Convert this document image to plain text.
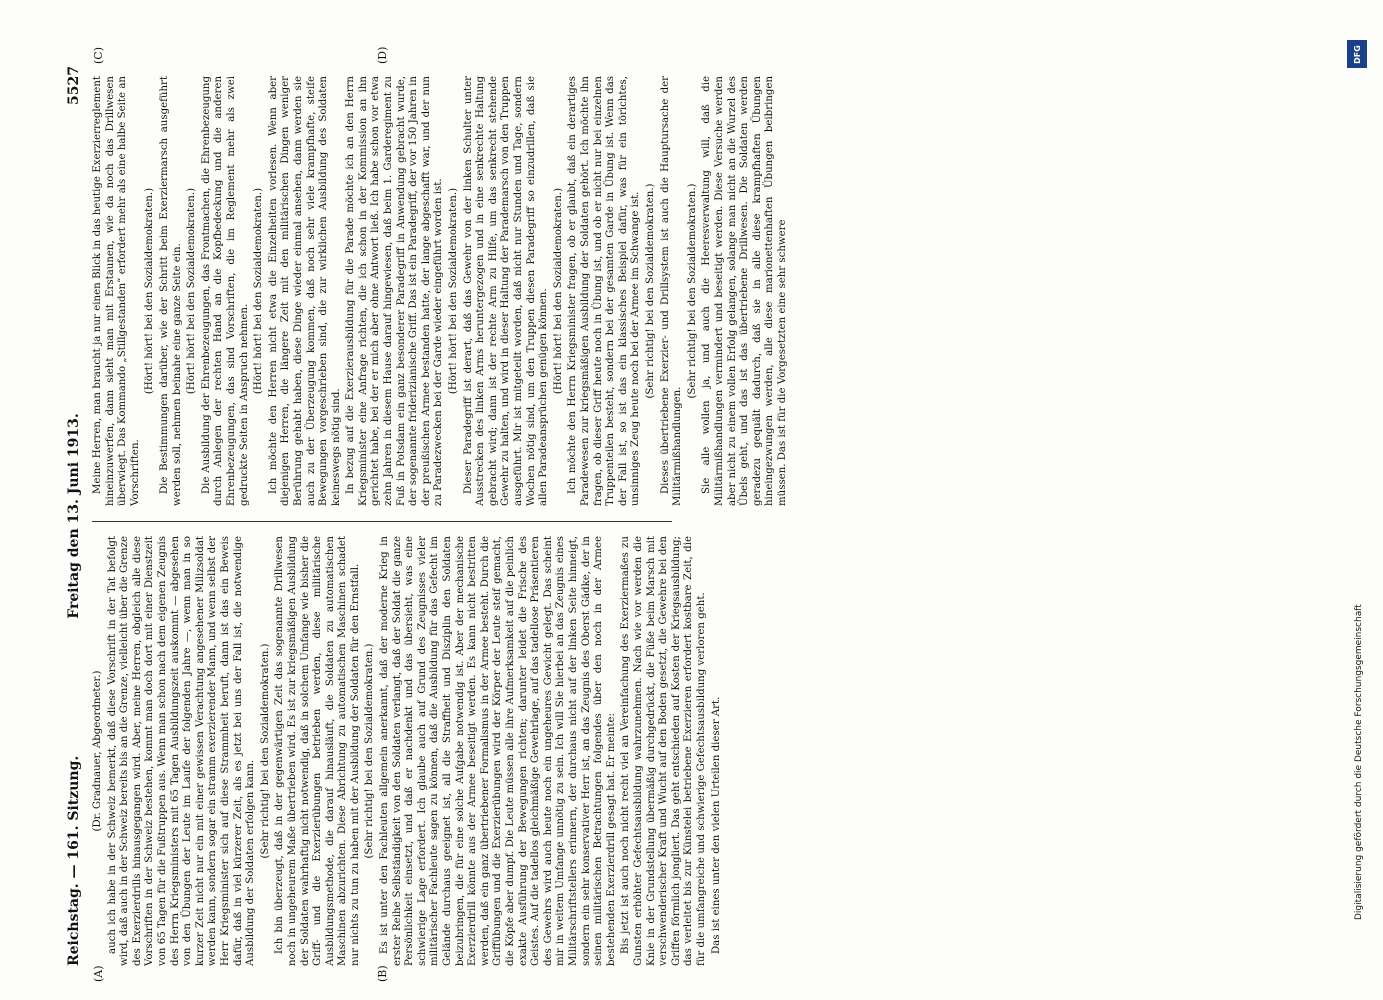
Reichstag. — 161. Sitzung.
Freitag den 13. Juni 1913.
5527

(Dr. Gradnauer, Abgeordneter.) auch ich habe in der Schweiz bemerkt, daß diese Vorschrift in der Tat befolgt wird, daß auch in der Schweiz bereits bis an die Grenze, vielleicht über die Grenze des Exerzierdrills hinausgegangen wird. Aber, meine Herren, obgleich alle diese Vorschriften in der Schweiz bestehen, kommt man doch dort mit einer Dienstzeit von 65 Tagen für die Fußtruppen aus. Wenn man schon nach dem eigenen Zeugnis des Herrn Kriegsministers mit 65 Tagen Ausbildungszeit auskommt — abgesehen von den Übungen der Leute im Laufe der folgenden Jahre —, wenn man in so kurzer Zeit nicht nur ein mit einer gewissen Verachtung angesehener Milizsoldat werden kann, sondern sogar ein stramm exerzierender Mann, und wenn selbst der Herr Kriegsminister sich auf diese Strammheit beruft, dann ist das ein Beweis dafür, daß in viel kürzerer Zeit, als es jetzt bei uns der Fall ist, die notwendige Ausbildung der Soldaten erfolgen kann.

(Sehr richtig! bei den Sozialdemokraten.) Ich bin überzeugt, daß in der gegenwärtigen Zeit das sogenannte Drillwesen noch in ungeheurem Maße übertrieben wird. Es ist zur kriegsmäßigen Ausbildung der Soldaten wahrhaftig nicht notwendig, daß in solchem Umfange wie bisher die Griff- und die Exerzierübungen betrieben werden, diese militärische Ausbildungsmethode, die darauf hinausläuft, die Soldaten zu automatischen Maschinen abzurichten. Diese Abrichtung zu automatischen Maschinen schadet nur nichts zu tun zu haben mit der Ausbildung der Soldaten für den Ernstfall. (Sehr richtig! bei den Sozialdemokraten.) Es ist unter den Fachleuten allgemein anerkannt, daß der moderne Krieg in erster Reihe Selbständigkeit von den Soldaten verlangt, daß der Soldat die ganze Persönlichkeit einsetzt, und daß er nachdenkt und das übersieht, was eine schwierige Lage erfordert. Ich glaube auch auf Grund des Zeugnisses vieler militärischer Fachleute sagen zu können, daß die Ausbildung für das Gefecht im Gelände durchaus geeignet ist, all die Straffheit und Disziplin den Soldaten beizubringen, die für eine solche Aufgabe notwendig ist. Aber der mechanische Exerzierdrill könnte aus der Armee beseitigt werden. Es kann nicht bestritten werden, daß ein ganz übertriebener Formalismus in der Armee besteht. Durch die Griffübungen und die Exerzierübungen wird der Körper der Leute steif gemacht, die Köpfe aber dumpf. Die Leute müssen alle ihre Aufmerksamkeit auf die peinlich exakte Ausführung der Bewegungen richten; darunter leidet die Frische des Geistes. Auf die tadellos gleichmäßige Gewehrlage, auf das tadellose Präsentieren des Gewehrs wird auch heute noch ein ungeheures Gewicht gelegt. Das scheint mir in weitem Umfange unnötig zu sein. Ich will Sie hierbei an das Zeugnis eines Militärschriftstellers erinnern, der durchaus nicht auf der linken Seite hinneigt, sondern ein sehr konservativer Herr ist, an das Zeugnis des Oberst Gädke, der in seinen militärischen Betrachtungen folgendes über den noch in der Armee bestehenden Exerzierdrill gesagt hat. Er meinte: Bis jetzt ist auch noch nicht recht viel an Vereinfachung des Exerziermaßes zu Gunsten erhöhter Gefechtsausbildung wahrzunehmen. Nach wie vor werden die Knie in der Grundstellung übermäßig durchgedrückt, die Füße beim Marsch mit verschwenderischer Kraft und Wucht auf den Boden gesetzt, die Gewehre bei den Griffen förmlich jongliert. Das geht entschieden auf Kosten der Kriegsausbildung; das verleitet bis zur Künstelei betriebene Exerzieren erfordert kostbare Zeit, die für die umfangreiche und schwierige Gefechtsausbildung verloren geht. Das ist eines unter den vielen Urteilen dieser Art.

Meine Herren, man braucht ja nur einen Blick in das heutige Exerzierreglement hineinzuwerfen, dann sieht man mit Erstaunen, wie da noch das Drillwesen überwiegt. Das Kommando „Stillgestanden“ erfordert mehr als eine halbe Seite an Vorschriften.

(Hört! hört! bei den Sozialdemokraten.) Die Bestimmungen darüber, wie der Schritt beim Exerziermarsch ausgeführt werden soll, nehmen beinahe eine ganze Seite ein. (Hört! hört! bei den Sozialdemokraten.) Die Ausbildung der Ehrenbezeugungen, das Frontmachen, die Ehrenbezeugung durch Anlegen der rechten Hand an die Kopfbedeckung und die anderen Ehrenbezeugungen, das sind Vorschriften, die im Reglement mehr als zwei gedruckte Seiten in Anspruch nehmen.

(Hört! hört! bei den Sozialdemokraten.) Ich möchte den Herren nicht etwa die Einzelheiten vorlesen. Wenn aber diejenigen Herren, die längere Zeit mit den militärischen Dingen weniger Berührung gehabt haben, diese Dinge wieder einmal ansehen, dann werden sie auch zu der Überzeugung kommen, daß noch sehr viele krampfhafte, steife Bewegungen vorgeschrieben sind, die zur wirklichen Ausbildung des Soldaten keineswegs nötig sind. In bezug auf die Exerzierausbildung für die Parade möchte ich an den Herrn Kriegsminister eine Anfrage richten, die ich schon in der Kommission an ihn gerichtet habe, bei der er mich aber ohne Antwort ließ. Ich habe schon vor etwa zehn Jahren in diesem Hause darauf hingewiesen, daß beim 1. Garderegiment zu Fuß in Potsdam ein ganz besonderer Paradegriff in Anwendung gebracht wurde, der sogenannte friderizianische Griff. Das ist ein Paradegriff, der vor 150 Jahren in der preußischen Armee bestanden hatte, der lange abgeschafft war, und der nun zu Paradezwecken bei der Garde wieder eingeführt worden ist. (Hört! hört! bei den Sozialdemokraten.) Dieser Paradegriff ist derart, daß das Gewehr von der linken Schulter unter Ausstrecken des linken Arms heruntergezogen und in eine senkrechte Haltung gebracht wird; dann ist der rechte Arm zu Hilfe, um das senkrecht stehende Gewehr zu halten, und wird in dieser Haltung der Parademarsch von den Truppen ausgeführt. Mir ist mitgeteilt worden, daß nicht nur Stunden und Tage, sondern Wochen nötig sind, um den Truppen diesen Paradegriff so einzudrillen, daß sie allen Paradeansprüchen genügen können. (Hört! hört! bei den Sozialdemokraten.) Ich möchte den Herrn Kriegsminister fragen, ob er glaubt, daß ein derartiges Paradewesen zur kriegsmäßigen Ausbildung der Soldaten gehört. Ich möchte ihn fragen, ob dieser Griff heute noch in Übung ist, und ob er nicht nur bei einzelnen Truppenteilen besteht, sondern bei der gesamten Garde in Übung ist. Wenn das der Fall ist, so ist das ein klassisches Beispiel dafür, was für ein törichtes, unsinniges Zeug heute noch bei der Armee im Schwange ist. (Sehr richtig! bei den Sozialdemokraten.) Dieses übertriebene Exerzier- und Drillsystem ist auch die Hauptursache der Militärmißhandlungen.

(Sehr richtig! bei den Sozialdemokraten.) Sie alle wollen ja, und auch die Heeresverwaltung will, daß die Militärmißhandlungen vermindert und beseitigt werden. Diese Versuche werden aber nicht zu einem vollen Erfolg gelangen, solange man nicht an die Wurzel des Übels geht, und das ist das übertriebene Drillwesen. Die Soldaten werden geradezu gequält dadurch, daß sie in alle diese krampfhaften Übungen hineingezwungen werden, alle diese marionettenhaften Übungen beibringen müssen. Das ist für die Vorgesetzten eine sehr schwere

(A)	(B)
(C)	(D)	DFG
Digitalisierung gefördert durch die Deutsche Forschungsgemeinschaft
